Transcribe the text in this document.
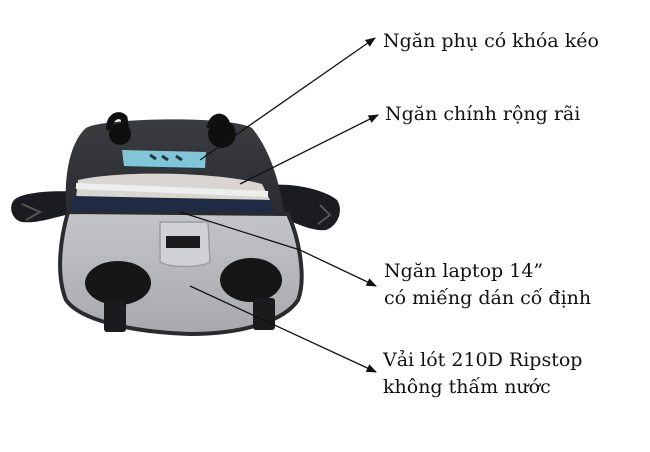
Ngăn phụ có khóa kéo
Ngăn chính rộng rãi
Ngăn laptop 14”
có miếng dán cố định
Vải lót 210D Ripstop
không thấm nước
